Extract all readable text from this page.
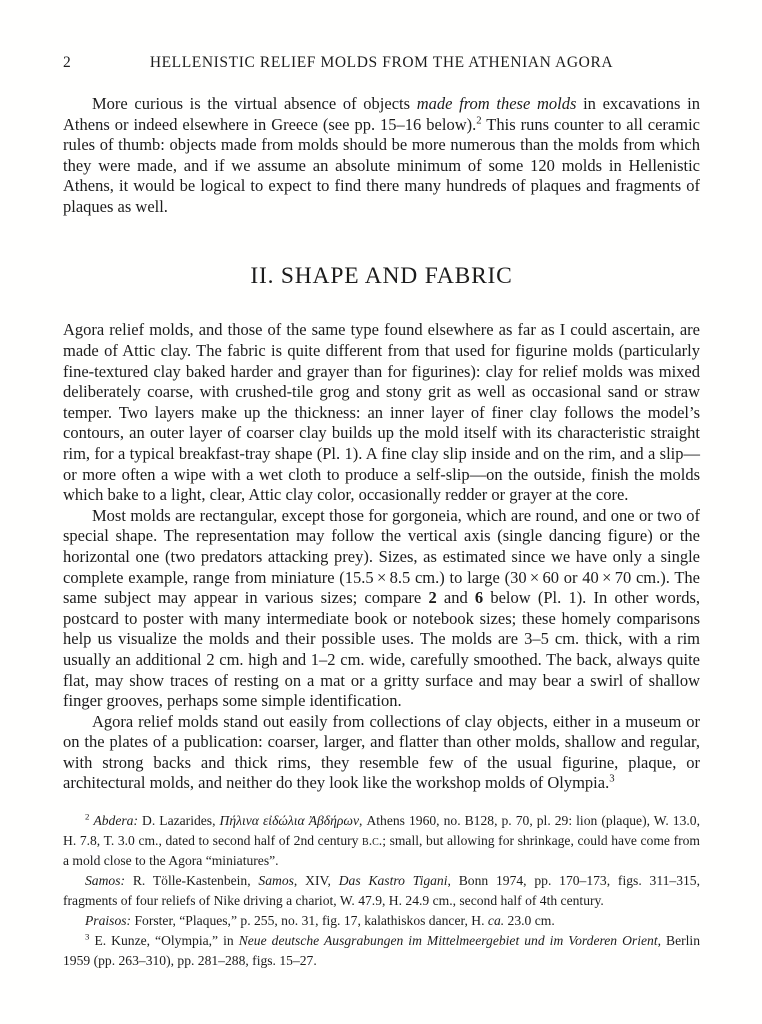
2	HELLENISTIC RELIEF MOLDS FROM THE ATHENIAN AGORA

More curious is the virtual absence of objects made from these molds in excavations in Athens or indeed elsewhere in Greece (see pp. 15–16 below).$^2$ This runs counter to all ceramic rules of thumb: objects made from molds should be more numerous than the molds from which they were made, and if we assume an absolute minimum of some 120 molds in Hellenistic Athens, it would be logical to expect to find there many hundreds of plaques and fragments of plaques as well.

II. SHAPE AND FABRIC

Agora relief molds, and those of the same type found elsewhere as far as I could ascertain, are made of Attic clay. The fabric is quite different from that used for figurine molds (particularly fine-textured clay baked harder and grayer than for figurines): clay for relief molds was mixed deliberately coarse, with crushed-tile grog and stony grit as well as occasional sand or straw temper. Two layers make up the thickness: an inner layer of finer clay follows the model’s contours, an outer layer of coarser clay builds up the mold itself with its characteristic straight rim, for a typical breakfast-tray shape (Pl. 1). A fine clay slip inside and on the rim, and a slip—or more often a wipe with a wet cloth to produce a self-slip—on the outside, finish the molds which bake to a light, clear, Attic clay color, occasionally redder or grayer at the core.

Most molds are rectangular, except those for gorgoneia, which are round, and one or two of special shape. The representation may follow the vertical axis (single dancing figure) or the horizontal one (two predators attacking prey). Sizes, as estimated since we have only a single complete example, range from miniature (15.5 × 8.5 cm.) to large (30 × 60 or 40 × 70 cm.). The same subject may appear in various sizes; compare 2 and 6 below (Pl. 1). In other words, postcard to poster with many intermediate book or notebook sizes; these homely comparisons help us visualize the molds and their possible uses. The molds are 3–5 cm. thick, with a rim usually an additional 2 cm. high and 1–2 cm. wide, carefully smoothed. The back, always quite flat, may show traces of resting on a mat or a gritty surface and may bear a swirl of shallow finger grooves, perhaps some simple identification.

Agora relief molds stand out easily from collections of clay objects, either in a museum or on the plates of a publication: coarser, larger, and flatter than other molds, shallow and regular, with strong backs and thick rims, they resemble few of the usual figurine, plaque, or architectural molds, and neither do they look like the workshop molds of Olympia.$^3$

$^2$ Abdera: D. Lazarides, Πήλινα εἰδώλια Ἀβδήρων, Athens 1960, no. B128, p. 70, pl. 29: lion (plaque), W. 13.0, H. 7.8, T. 3.0 cm., dated to second half of 2nd century b.c.; small, but allowing for shrinkage, could have come from a mold close to the Agora “miniatures”.

Samos: R. Tölle-Kastenbein, Samos, XIV, Das Kastro Tigani, Bonn 1974, pp. 170–173, figs. 311–315, fragments of four reliefs of Nike driving a chariot, W. 47.9, H. 24.9 cm., second half of 4th century.

Praisos: Forster, “Plaques,” p. 255, no. 31, fig. 17, kalathiskos dancer, H. ca. 23.0 cm.

$^3$ E. Kunze, “Olympia,” in Neue deutsche Ausgrabungen im Mittelmeergebiet und im Vorderen Orient, Berlin 1959 (pp. 263–310), pp. 281–288, figs. 15–27.
